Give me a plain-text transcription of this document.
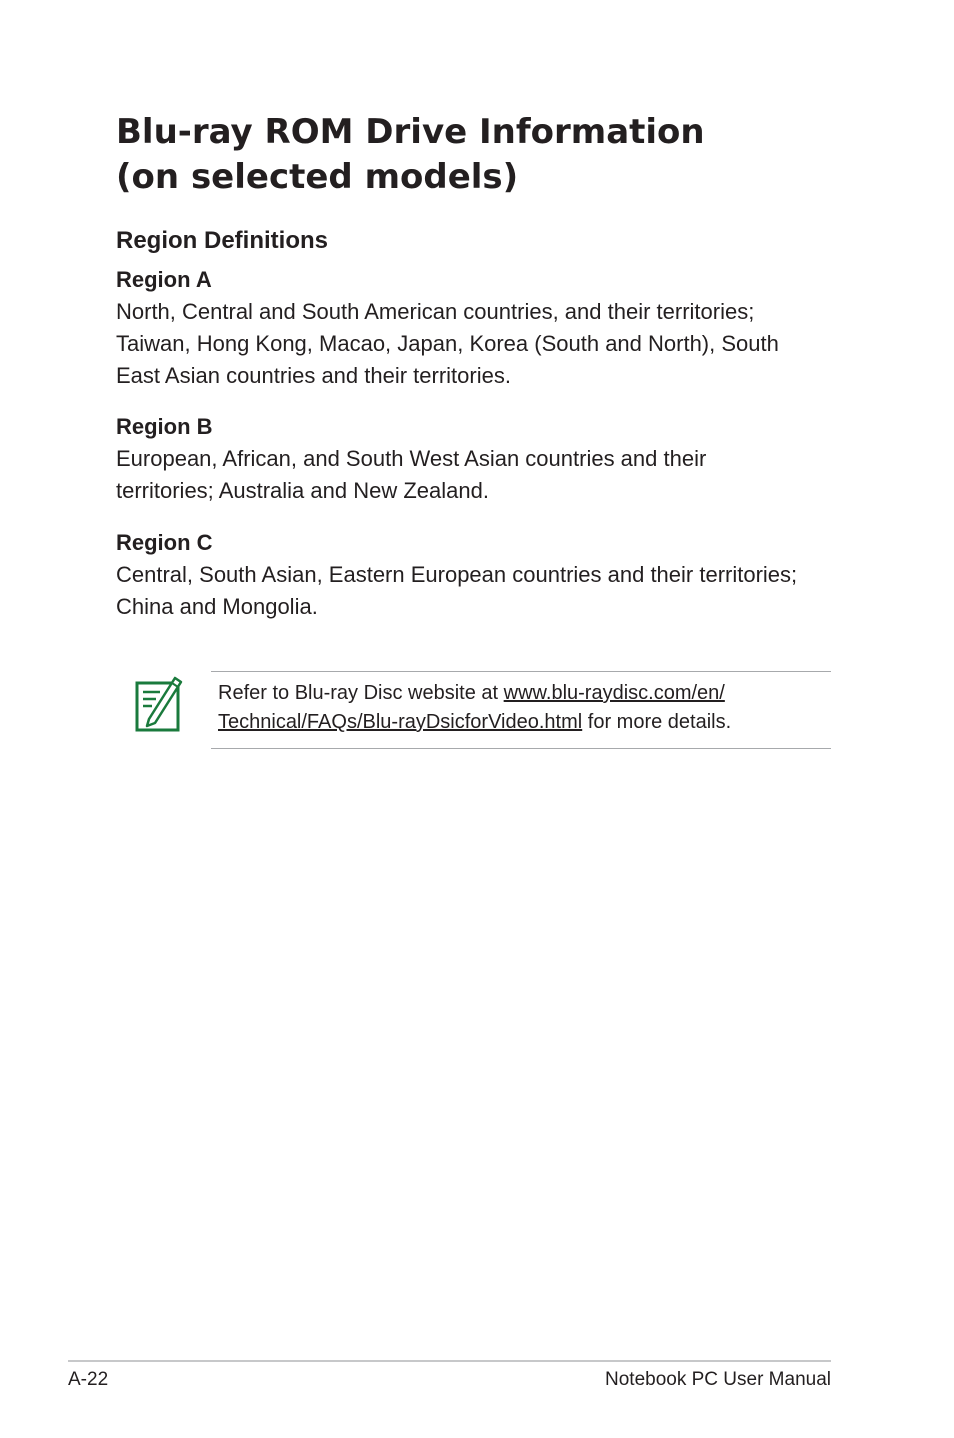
Blu-ray ROM Drive Information
(on selected models)
Region Definitions
Region A

North, Central and South American countries, and their territories;
Taiwan, Hong Kong, Macao, Japan, Korea (South and North), South
East Asian countries and their territories.

Region B

European, African, and South West Asian countries and their
territories; Australia and New Zealand.

Region C

Central, South Asian, Eastern European countries and their territories;
China and Mongolia.

Refer to Blu-ray Disc website at www.blu-raydisc.com/en/
Technical/FAQs/Blu-rayDsicforVideo.html for more details.

A-22	Notebook PC User Manual
